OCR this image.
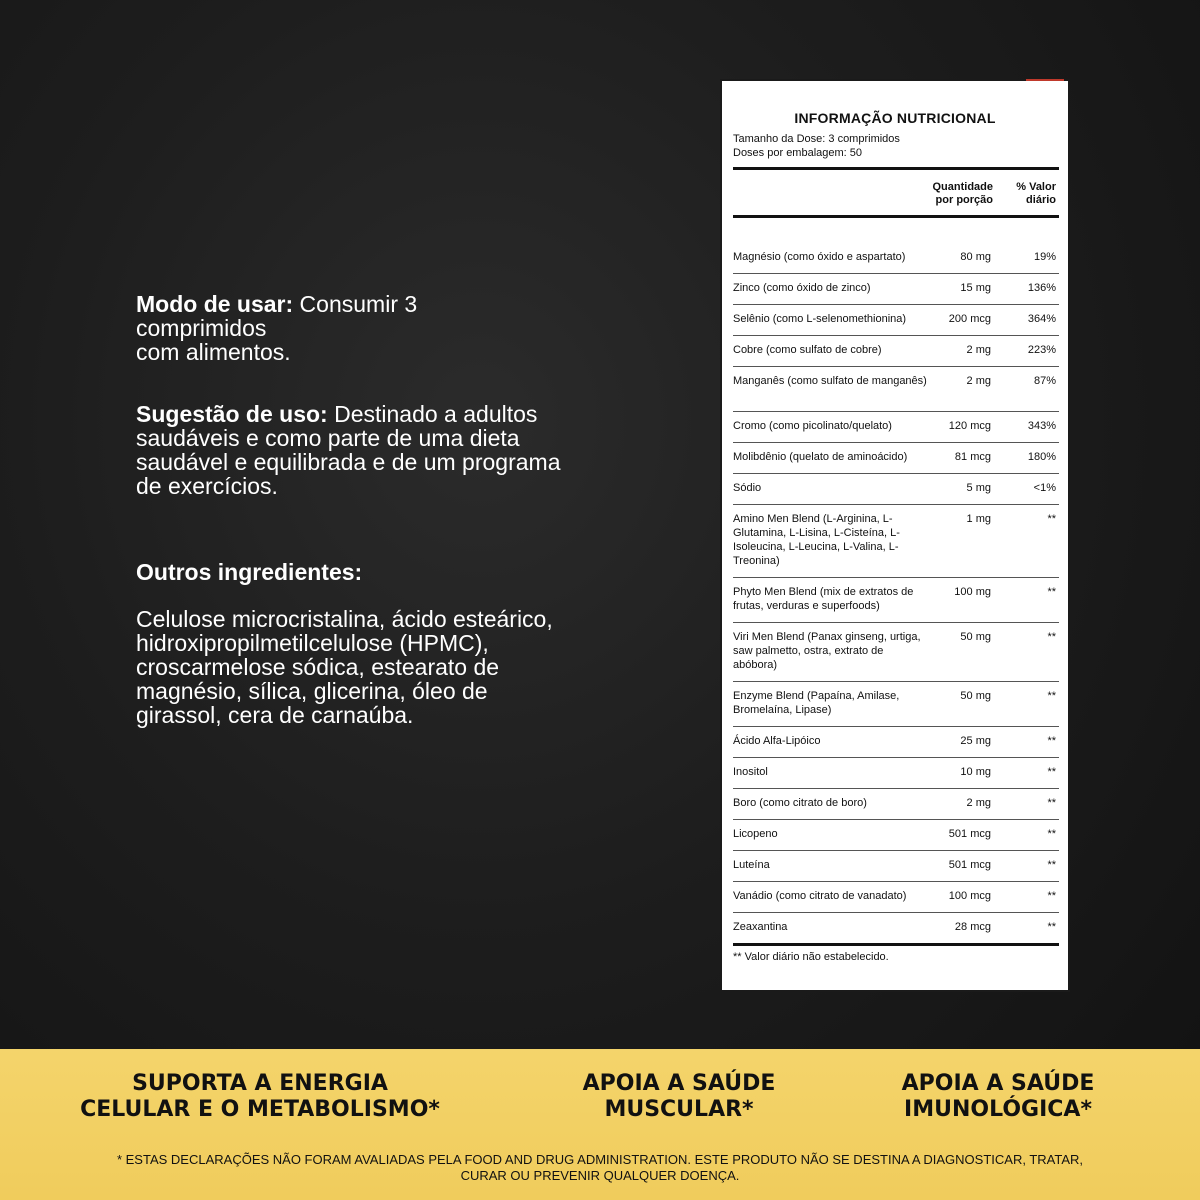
Modo de usar: Consumir 3
comprimidos
com alimentos.
Sugestão de uso: Destinado a adultos saudáveis e como parte de uma dieta saudável e equilibrada e de um programa de exercícios.
Outros ingredientes:
Celulose microcristalina, ácido esteárico, hidroxipropilmetilcelulose (HPMC), croscarmelose sódica, estearato de magnésio, sílica, glicerina, óleo de girassol, cera de carnaúba.
INFORMAÇÃO NUTRICIONAL
Tamanho da Dose: 3 comprimidos
Doses por embalagem: 50
Quantidade
por porção
% Valor
diário
Magnésio (como óxido e aspartato)	80 mg	19%
Zinco (como óxido de zinco)	15 mg	136%
Selênio (como L-selenomethionina)	200 mcg	364%
Cobre (como sulfato de cobre)	2 mg	223%
Manganês (como sulfato de manganês)	2 mg	87%
Cromo (como picolinato/quelato)	120 mcg	343%
Molibdênio (quelato de aminoácido)	81 mcg	180%
Sódio	5 mg	<1%
Amino Men Blend (L-Arginina, L-Glutamina, L-Lisina, L-Cisteína, L-Isoleucina, L-Leucina, L-Valina, L-Treonina)
1 mg	**
Phyto Men Blend (mix de extratos de frutas, verduras e superfoods)
100 mg	**
Viri Men Blend (Panax ginseng, urtiga, saw palmetto, ostra, extrato de abóbora)
50 mg	**
Enzyme Blend (Papaína, Amilase, Bromelaína, Lipase)
50 mg	**
Ácido Alfa-Lipóico	25 mg	**
Inositol	10 mg	**
Boro (como citrato de boro)	2 mg	**
Licopeno	501 mcg	**
Luteína	501 mcg	**
Vanádio (como citrato de vanadato)	100 mcg	**
Zeaxantina	28 mcg	**
** Valor diário não estabelecido.
SUPORTA A ENERGIA
CELULAR E O METABOLISMO*
APOIA A SAÚDE
MUSCULAR*
APOIA A SAÚDE
IMUNOLÓGICA*
* ESTAS DECLARAÇÕES NÃO FORAM AVALIADAS PELA FOOD AND DRUG ADMINISTRATION. ESTE PRODUTO NÃO SE DESTINA A DIAGNOSTICAR, TRATAR,
CURAR OU PREVENIR QUALQUER DOENÇA.
